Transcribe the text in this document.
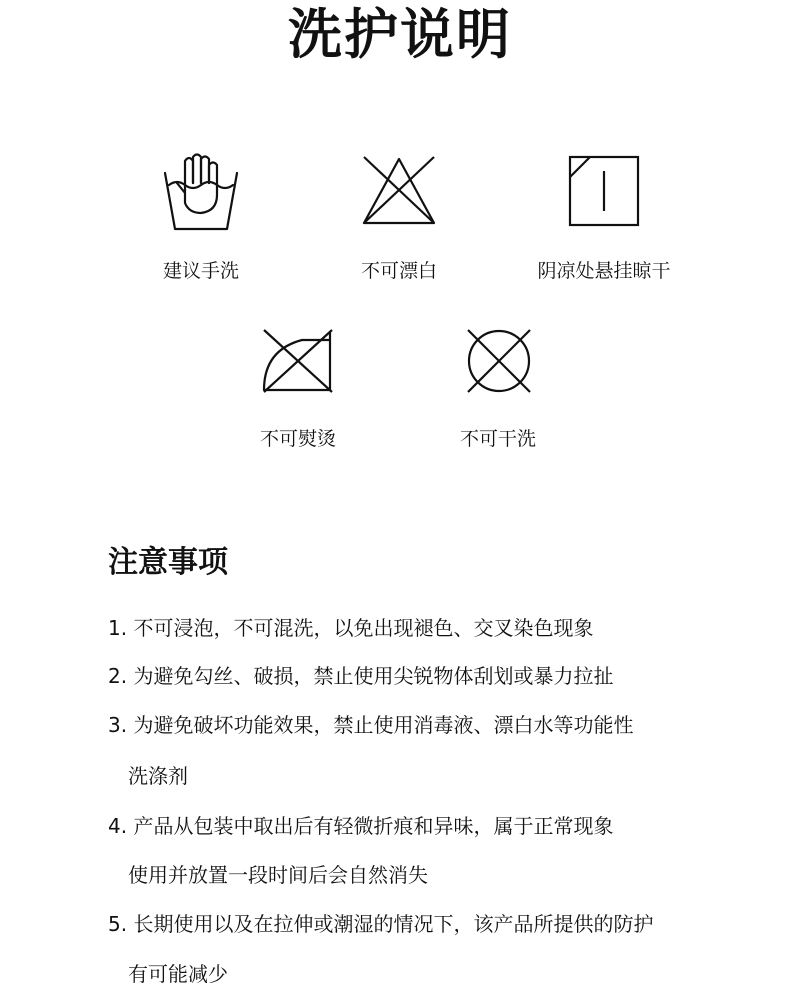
洗护说明
建议手洗	不可漂白	阴凉处悬挂晾干
不可熨烫	不可干洗
注意事项
1. 不可浸泡，不可混洗，以免出现褪色、交叉染色现象
2. 为避免勾丝、破损，禁止使用尖锐物体刮划或暴力拉扯
3. 为避免破坏功能效果，禁止使用消毒液、漂白水等功能性
洗涤剂
4. 产品从包装中取出后有轻微折痕和异味，属于正常现象
使用并放置一段时间后会自然消失
5. 长期使用以及在拉伸或潮湿的情况下，该产品所提供的防护
有可能减少
